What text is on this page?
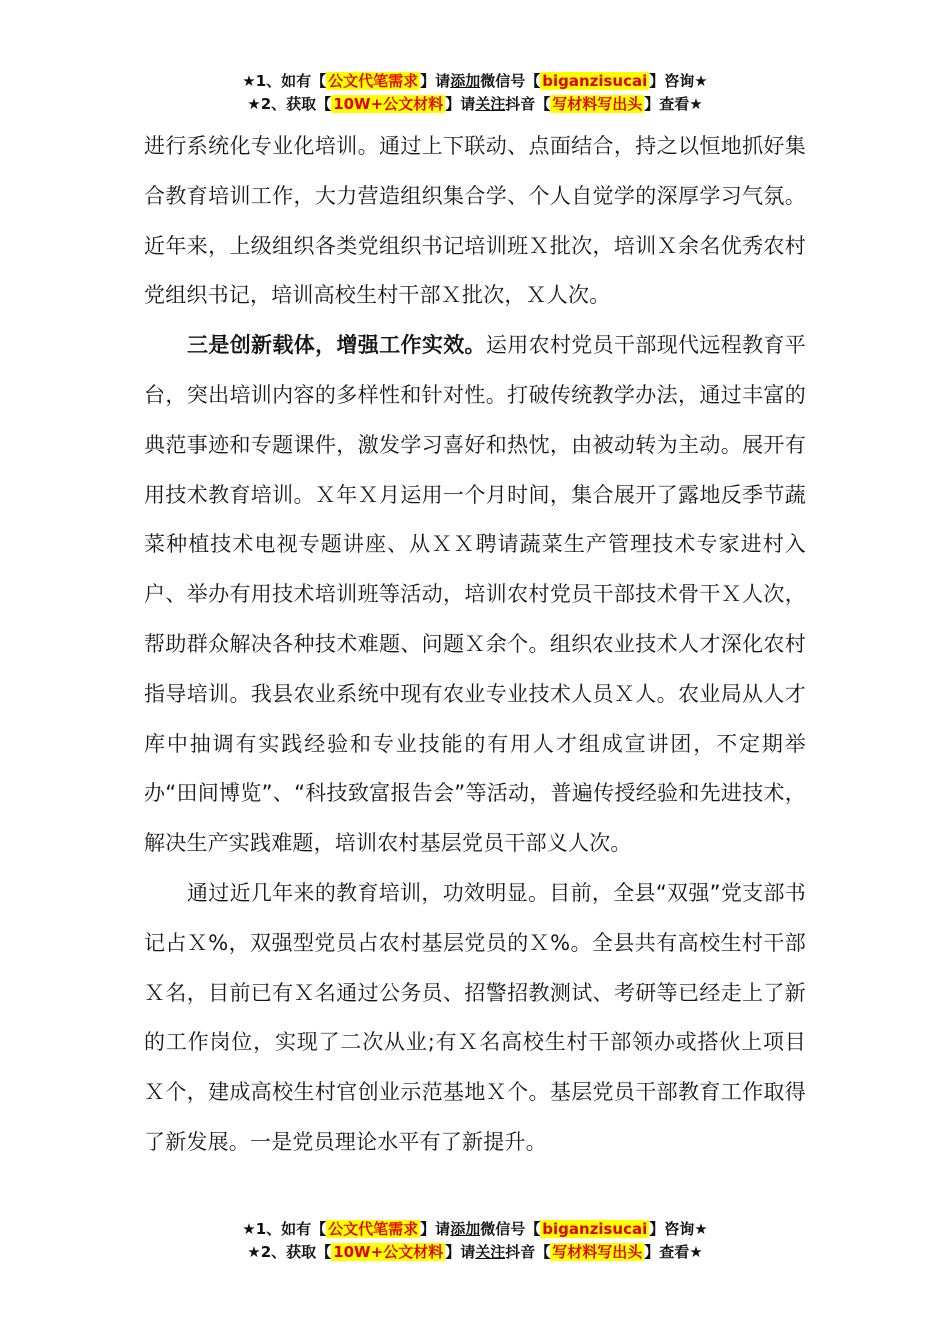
★1、如有【 公文代笔需求 】请添加微信号【 biganzisucai 】咨询★
★2、获取【 10W+公文材料 】请关注抖音【 写材料写出头 】查看★

进行系统化专业化培训。通过上下联动、点面结合，持之以恒地抓好集合教育培训工作，大力营造组织集合学、个人自觉学的深厚学习气氛。近年来，上级组织各类党组织书记培训班Ｘ批次，培训Ｘ余名优秀农村党组织书记，培训高校生村干部Ｘ批次，Ｘ人次。

三是创新载体，增强工作实效。运用农村党员干部现代远程教育平台，突出培训内容的多样性和针对性。打破传统教学办法，通过丰富的典范事迹和专题课件，激发学习喜好和热忱，由被动转为主动。展开有用技术教育培训。Ｘ年Ｘ月运用一个月时间，集合展开了露地反季节蔬菜种植技术电视专题讲座、从ＸＸ聘请蔬菜生产管理技术专家进村入户、举办有用技术培训班等活动，培训农村党员干部技术骨干Ｘ人次，帮助群众解决各种技术难题、问题Ｘ余个。组织农业技术人才深化农村指导培训。我县农业系统中现有农业专业技术人员Ｘ人。农业局从人才库中抽调有实践经验和专业技能的有用人才组成宣讲团，不定期举办“田间博览”、“科技致富报告会”等活动，普遍传授经验和先进技术，解决生产实践难题，培训农村基层党员干部义人次。

通过近几年来的教育培训，功效明显。目前，全县“双强”党支部书记占Ｘ%，双强型党员占农村基层党员的Ｘ%。全县共有高校生村干部Ｘ名，目前已有Ｘ名通过公务员、招警招教测试、考研等已经走上了新的工作岗位，实现了二次从业;有Ｘ名高校生村干部领办或搭伙上项目Ｘ个，建成高校生村官创业示范基地Ｘ个。基层党员干部教育工作取得了新发展。一是党员理论水平有了新提升。

★1、如有【 公文代笔需求 】请添加微信号【 biganzisucai 】咨询★
★2、获取【 10W+公文材料 】请关注抖音【 写材料写出头 】查看★
